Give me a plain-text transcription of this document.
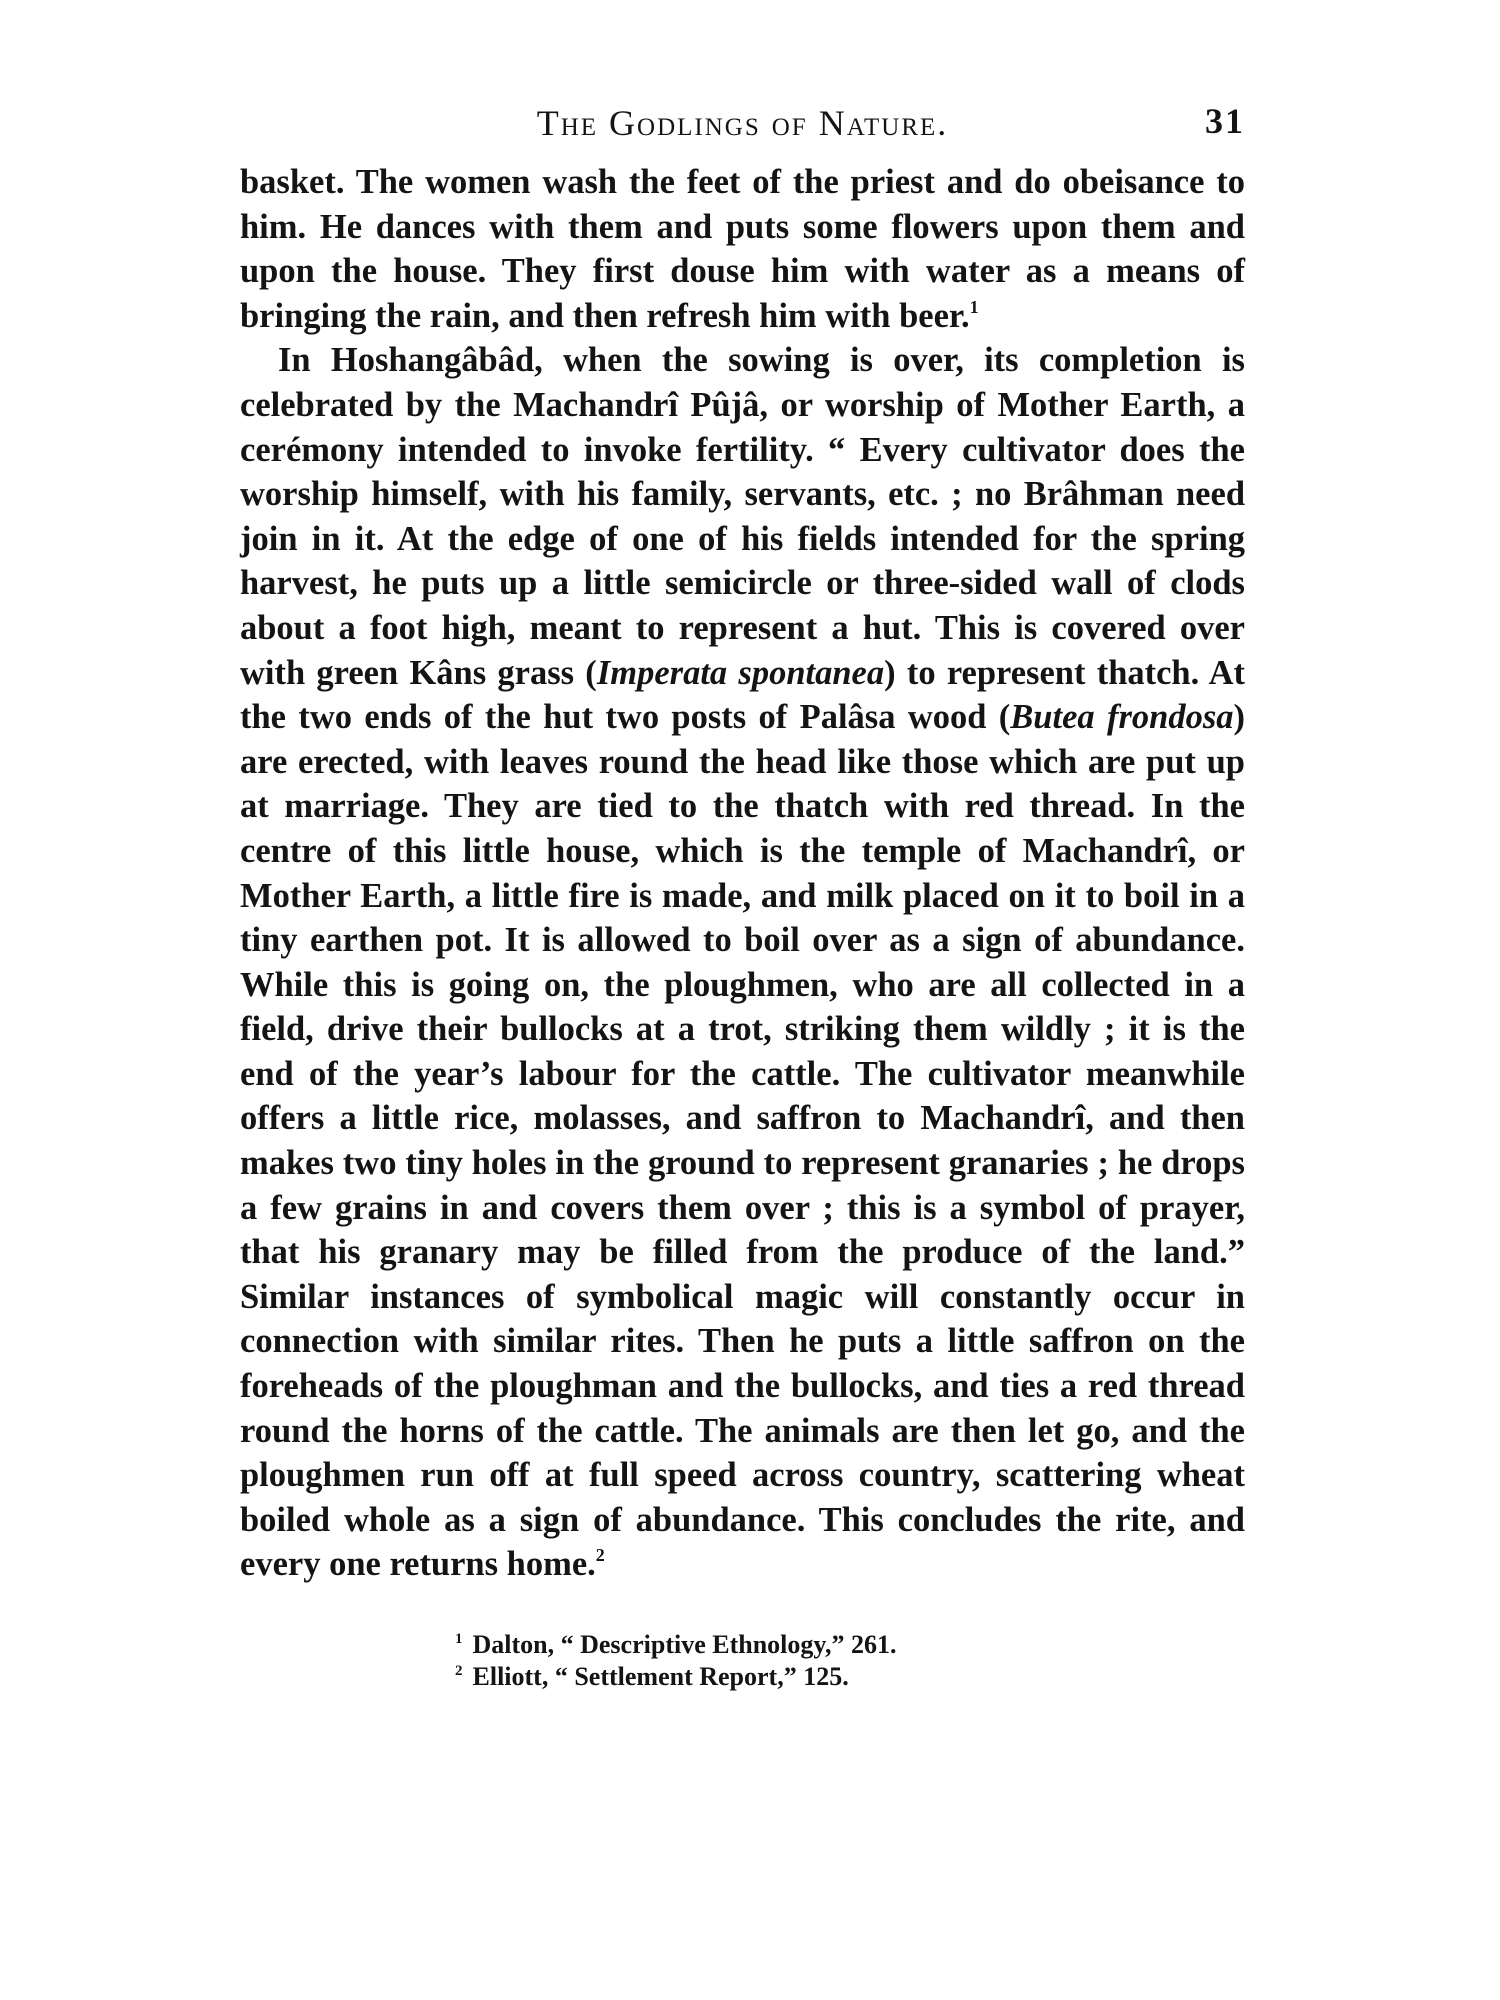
The Godlings of Nature.	31

basket. The women wash the feet of the priest and do obeisance to him. He dances with them and puts some flowers upon them and upon the house. They first douse him with water as a means of bringing the rain, and then refresh him with beer.$^1$

In Hoshangâbâd, when the sowing is over, its completion is celebrated by the Machandrî Pûjâ, or worship of Mother Earth, a cerémony intended to invoke fertility. “ Every cultivator does the worship himself, with his family, servants, etc. ; no Brâhman need join in it. At the edge of one of his fields intended for the spring harvest, he puts up a little semicircle or three-sided wall of clods about a foot high, meant to represent a hut. This is covered over with green Kâns grass (Imperata spontanea) to represent thatch. At the two ends of the hut two posts of Palâsa wood (Butea frondosa) are erected, with leaves round the head like those which are put up at marriage. They are tied to the thatch with red thread. In the centre of this little house, which is the temple of Machandrî, or Mother Earth, a little fire is made, and milk placed on it to boil in a tiny earthen pot. It is allowed to boil over as a sign of abundance. While this is going on, the ploughmen, who are all collected in a field, drive their bullocks at a trot, striking them wildly ; it is the end of the year’s labour for the cattle. The cultivator meanwhile offers a little rice, molasses, and saffron to Machandrî, and then makes two tiny holes in the ground to represent granaries ; he drops a few grains in and covers them over ; this is a symbol of prayer, that his granary may be filled from the produce of the land.” Similar instances of symbolical magic will constantly occur in connection with similar rites. Then he puts a little saffron on the foreheads of the ploughman and the bullocks, and ties a red thread round the horns of the cattle. The animals are then let go, and the ploughmen run off at full speed across country, scattering wheat boiled whole as a sign of abundance. This concludes the rite, and every one returns home.$^2$

$^1$ Dalton, “ Descriptive Ethnology,” 261.

$^2$ Elliott, “ Settlement Report,” 125.
